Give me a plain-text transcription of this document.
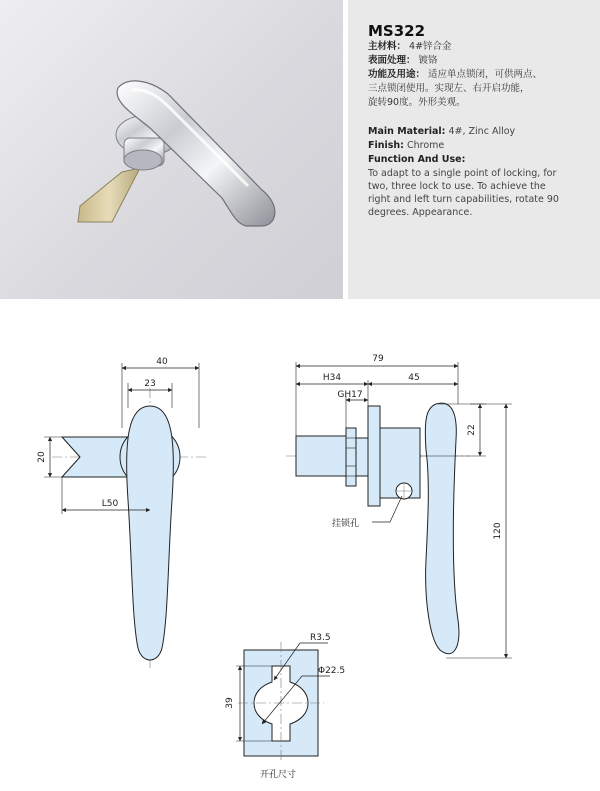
MS322
主材料： 4#锌合金
表面处理： 镀铬
功能及用途： 适应单点锁闭，可供两点、
三点锁闭使用。实现左、右开启功能，
旋转90度。外形美观。
Main Material: 4#, Zinc Alloy
Finish: Chrome
Function And Use:
To adapt to a single point of locking, for
two, three lock to use. To achieve the
right and left turn capabilities, rotate 90
degrees. Appearance.
40
23
20
L50
79
H34	45
GH17
22
120
挂锁孔
R3.5
Φ22.5
39
开孔尺寸
